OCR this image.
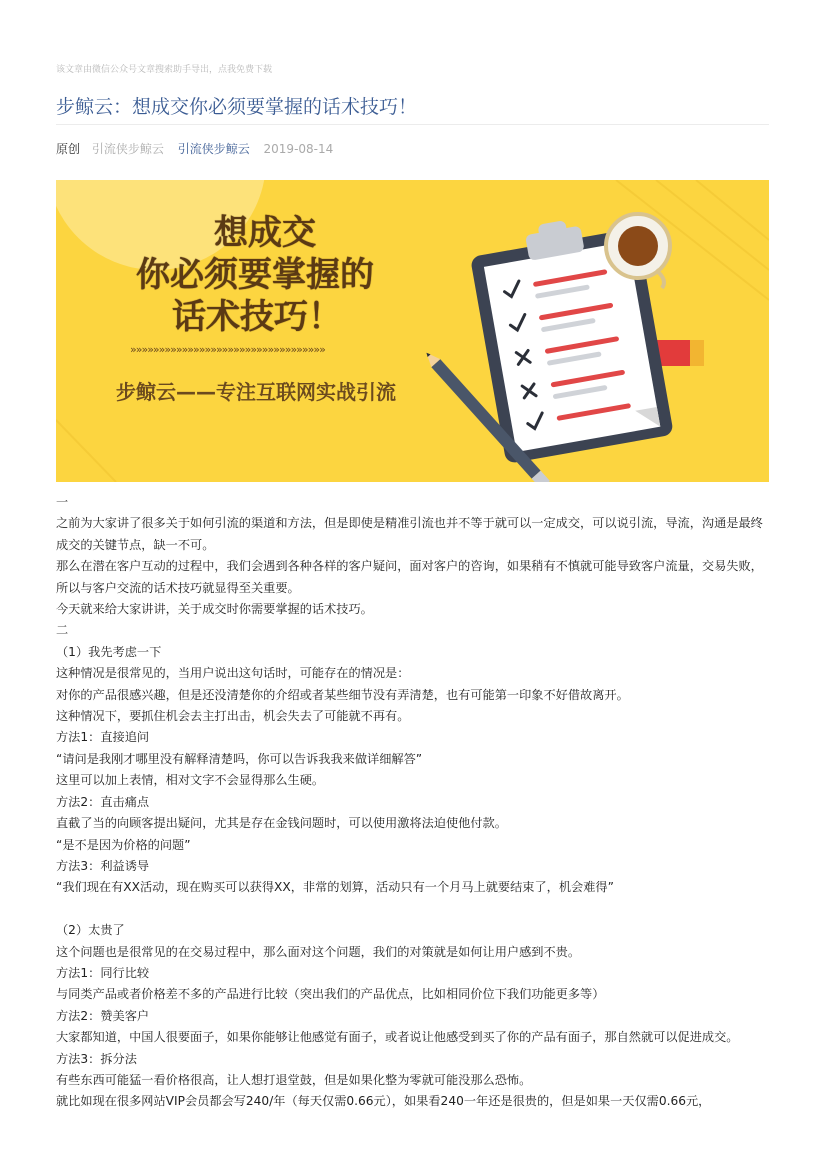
该文章由微信公众号文章搜索助手导出，点我免费下载
步鲸云：想成交你必须要掌握的话术技巧！
原创 引流侠步鲸云 引流侠步鲸云 2019-08-14
想成交
你必须要掌握的
话术技巧！
»»»»»»»»»»»»»»»»»»»»»»»»»»»»»»»»»»
步鲸云——专注互联网实战引流

一

之前为大家讲了很多关于如何引流的渠道和方法，但是即使是精准引流也并不等于就可以一定成交，可以说引流，导流，沟通是最终成交的关键节点，缺一不可。

那么在潜在客户互动的过程中，我们会遇到各种各样的客户疑问，面对客户的咨询，如果稍有不慎就可能导致客户流量，交易失败，所以与客户交流的话术技巧就显得至关重要。

今天就来给大家讲讲，关于成交时你需要掌握的话术技巧。

二

（1）我先考虑一下

这种情况是很常见的，当用户说出这句话时，可能存在的情况是：

对你的产品很感兴趣，但是还没清楚你的介绍或者某些细节没有弄清楚，也有可能第一印象不好借故离开。

这种情况下，要抓住机会去主打出击，机会失去了可能就不再有。

方法1：直接追问

“请问是我刚才哪里没有解释清楚吗，你可以告诉我我来做详细解答”

这里可以加上表情，相对文字不会显得那么生硬。

方法2：直击痛点

直截了当的向顾客提出疑问，尤其是存在金钱问题时，可以使用激将法迫使他付款。

“是不是因为价格的问题”

方法3：利益诱导

“我们现在有XX活动，现在购买可以获得XX，非常的划算，活动只有一个月马上就要结束了，机会难得”

（2）太贵了

这个问题也是很常见的在交易过程中，那么面对这个问题，我们的对策就是如何让用户感到不贵。

方法1：同行比较

与同类产品或者价格差不多的产品进行比较（突出我们的产品优点，比如相同价位下我们功能更多等）

方法2：赞美客户

大家都知道，中国人很要面子，如果你能够让他感觉有面子，或者说让他感受到买了你的产品有面子，那自然就可以促进成交。

方法3：拆分法

有些东西可能猛一看价格很高，让人想打退堂鼓，但是如果化整为零就可能没那么恐怖。

就比如现在很多网站VIP会员都会写240/年（每天仅需0.66元），如果看240一年还是很贵的，但是如果一天仅需0.66元，
